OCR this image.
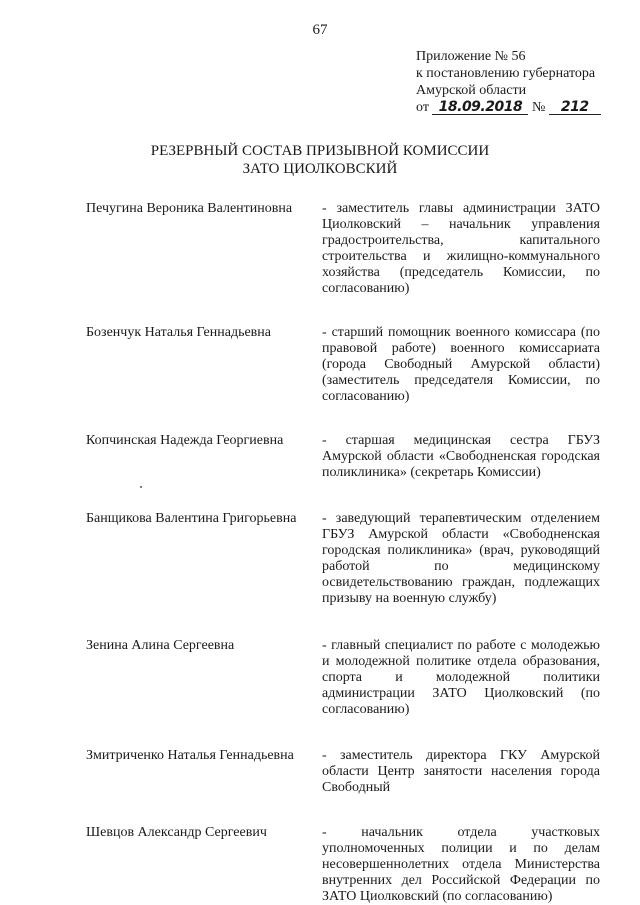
67
Приложение № 56
к постановлению губернатора
Амурской области
от 18.09.2018 № 212
РЕЗЕРВНЫЙ СОСТАВ ПРИЗЫВНОЙ КОМИССИИ
ЗАТО ЦИОЛКОВСКИЙ
Печугина Вероника Валентиновна	- заместитель главы администрации ЗАТО Циолковский – начальник управления градостроительства, капитального строительства и жилищно-коммунального хозяйства (председатель Комиссии, по согласованию)
Бозенчук Наталья Геннадьевна	- старший помощник военного комиссара (по правовой работе) военного комиссариата (города Свободный Амурской области) (заместитель председателя Комиссии, по согласованию)
Копчинская Надежда Георгиевна	- старшая медицинская сестра ГБУЗ Амурской области «Свободненская городская поликлиника» (секретарь Комиссии)
Банщикова Валентина Григорьевна	- заведующий терапевтическим отделением ГБУЗ Амурской области «Свободненская городская поликлиника» (врач, руководящий работой по медицинскому освидетельствованию граждан, подлежащих призыву на военную службу)
Зенина Алина Сергеевна	- главный специалист по работе с молодежью и молодежной политике отдела образования, спорта и молодежной политики администрации ЗАТО Циолковский (по согласованию)
Змитриченко Наталья Геннадьевна	- заместитель директора ГКУ Амурской области Центр занятости населения города Свободный
Шевцов Александр Сергеевич	- начальник отдела участковых уполномоченных полиции и по делам несовершеннолетних отдела Министерства внутренних дел Российской Федерации по ЗАТО Циолковский (по согласованию)
